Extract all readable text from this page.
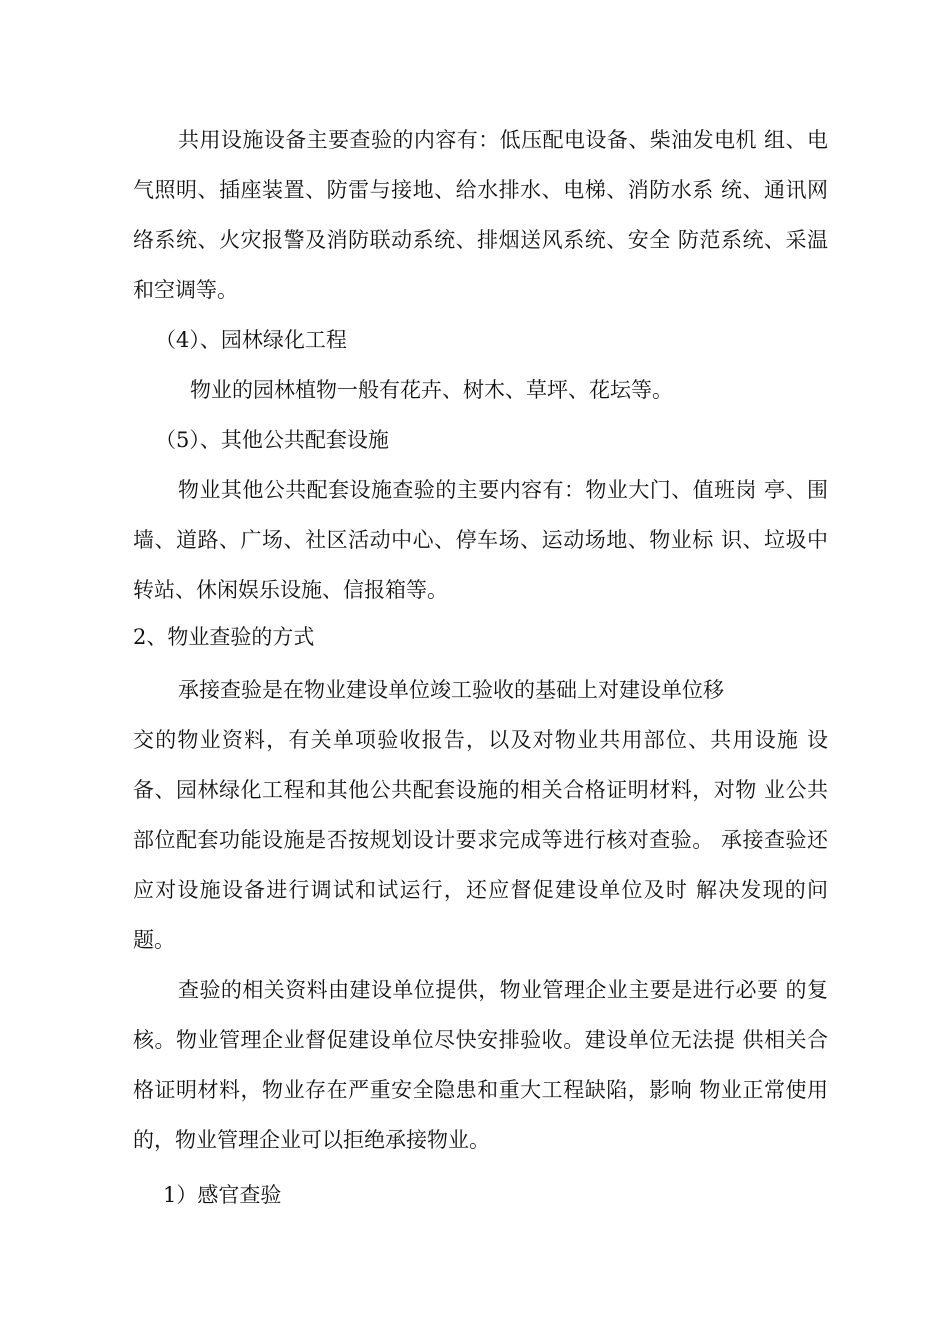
共用设施设备主要查验的内容有：低压配电设备、柴油发电机 组、电
气照明、插座装置、防雷与接地、给水排水、电梯、消防水系 统、通讯网
络系统、火灾报警及消防联动系统、排烟送风系统、安全 防范系统、采温
和空调等。
（4）、园林绿化工程
物业的园林植物一般有花卉、树木、草坪、花坛等。
（5）、其他公共配套设施
物业其他公共配套设施查验的主要内容有：物业大门、值班岗 亭、围
墙、道路、广场、社区活动中心、停车场、运动场地、物业标 识、垃圾中
转站、休闲娱乐设施、信报箱等。
2、物业查验的方式
承接查验是在物业建设单位竣工验收的基础上对建设单位移
交的物业资料，有关单项验收报告，以及对物业共用部位、共用设施 设
备、园林绿化工程和其他公共配套设施的相关合格证明材料，对物 业公共
部位配套功能设施是否按规划设计要求完成等进行核对查验。 承接查验还
应对设施设备进行调试和试运行，还应督促建设单位及时 解决发现的问
题。
查验的相关资料由建设单位提供，物业管理企业主要是进行必要 的复
核。物业管理企业督促建设单位尽快安排验收。建设单位无法提 供相关合
格证明材料，物业存在严重安全隐患和重大工程缺陷，影响 物业正常使用
的，物业管理企业可以拒绝承接物业。
1）感官查验
